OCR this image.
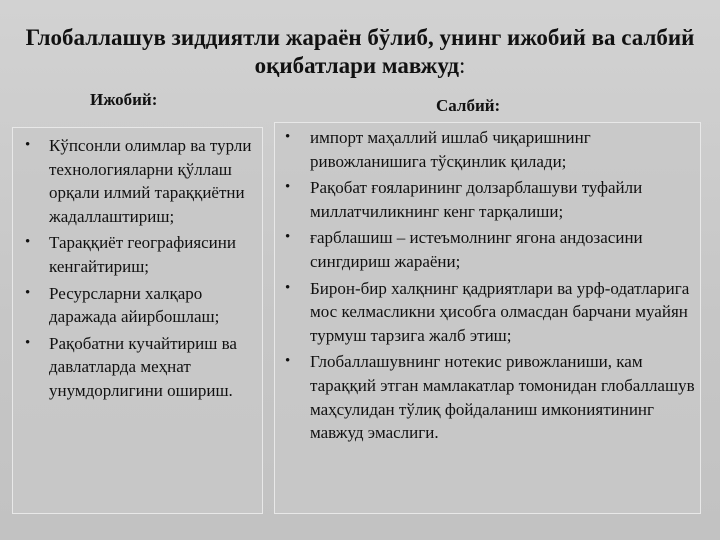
Глобаллашув зиддиятли жараён бўлиб, унинг ижобий ва салбий оқибатлари мавжуд:
Ижобий:	Салбий:
• Кўпсонли олимлар ва турли технологияларни қўллаш орқали илмий тараққиётни жадаллаштириш;
• Тараққиёт географиясини кенгайтириш;
• Ресурсларни халқаро даражада айирбошлаш;
• Рақобатни кучайтириш ва давлатларда меҳнат унумдорлигини ошириш.
• импорт маҳаллий ишлаб чиқаришнинг ривожланишига тўсқинлик қилади;
• Рақобат ғояларининг долзарблашуви туфайли миллатчиликнинг кенг тарқалиши;
• ғарблашиш – истеъмолнинг ягона андозасини сингдириш жараёни;
• Бирон-бир халқнинг қадриятлари ва урф-одатларига мос келмасликни ҳисобга олмасдан барчани муайян турмуш тарзига жалб этиш;
• Глобаллашувнинг нотекис ривожланиши, кам тараққий этган мамлакатлар томонидан глобаллашув маҳсулидан тўлиқ фойдаланиш имкониятининг мавжуд эмаслиги.
